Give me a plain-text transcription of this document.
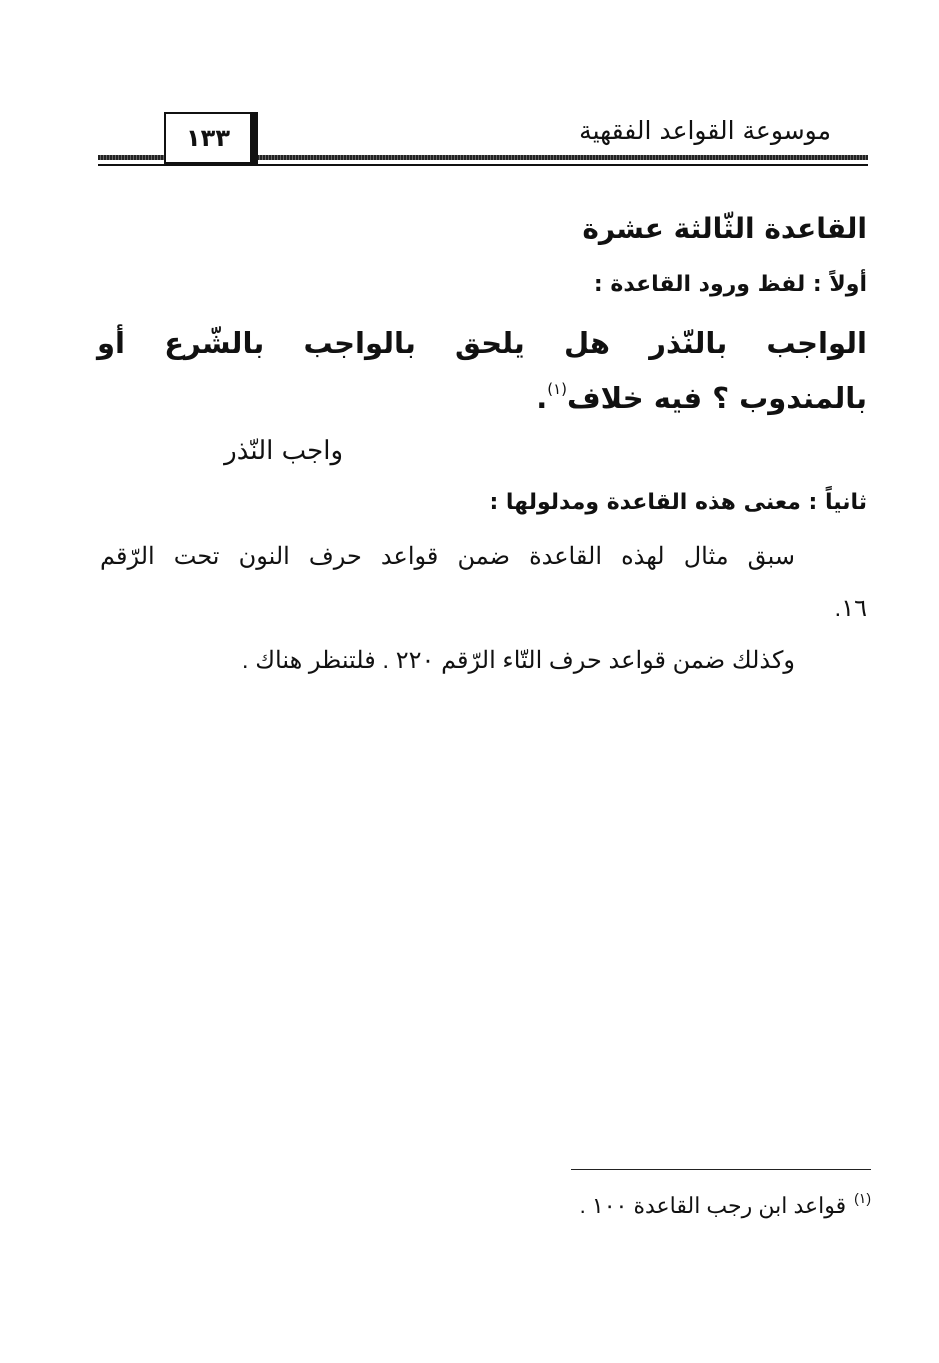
١٣٣	موسوعة القواعد الفقهية
القاعدة الثّالثة عشرة
أولاً : لفظ ورود القاعدة :
الواجب بالنّذر هل يلحق بالواجب بالشّرع أو
بالمندوب ؟ فيه خلاف$^{(١)}$.
واجب النّذر
ثانياً : معنى هذه القاعدة ومدلولها :
سبق مثال لهذه القاعدة ضمن قواعد حرف النون تحت الرّقم
١٦.
وكذلك ضمن قواعد حرف التّاء الرّقم ٢٢٠ . فلتنظر هناك .
$^{(١)}$قواعد ابن رجب القاعدة ١٠٠ .
